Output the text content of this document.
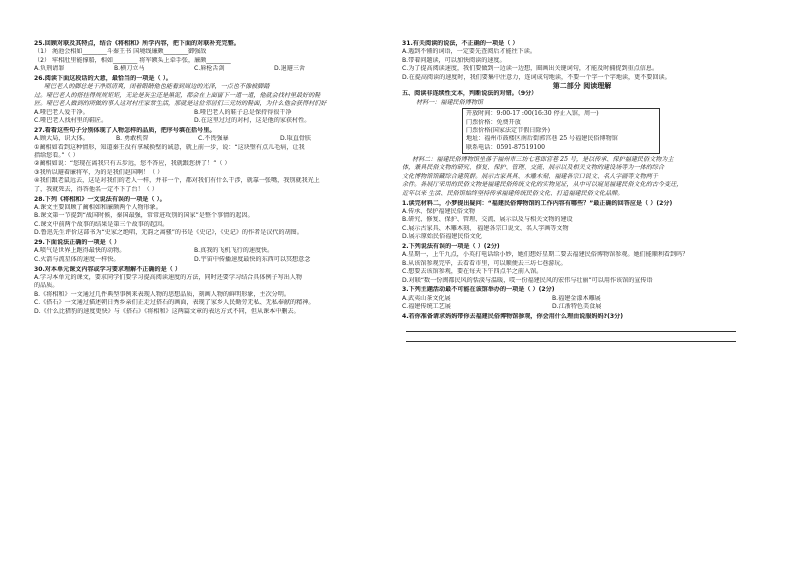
25.回顾对联及其特点，结合《将相和》所学内容，把下面的对联补充完整。
（1） 渑池会相如________斗秦王书 国境线廉颇________御强敌
（2） 牢相肚里能撑船，相如________ 将军额头上牵手张，廉颇________
A.负荆请罪	B.横刀立马	C.唇枪舌剑	D.退避三舍
26.阅读下面这段话的大意，最恰当的一项是（ ）。
哑巴老人的脚总是干净而清爽，闭着眼睛他也能看到周边的光泽，一点也不像被脚踏
过。哑巴老人的搭挂得规规矩矩，无论是灰尘还是黑泥，都会在上面留下一道一道，他就会找村里最好的鞋
匠。哑巴老人做到的所做的事人这对村庄家常生活，那就是这位邻居们三元坊的鞋面，为什么他会获得村们好
A.哑巴老人爱干净。	B.哑巴老人的鞋子总是保持得很干净
C.哑巴老人找村里的鞋匠。	D.在这里过过的对村，这是他的家获村性。
27.看看这些句子分别体现了人物怎样的品质，把序号填在括号里。
A.顾大局，识大体。	B. 勇敢机智	C.不畏强暴	D.取直骨肤
①蔺相如看到这种情形，知道秦王没有拿城换壁的诚意，就上前一步，说：“这块璧有点儿毛病，让我
指给您看。”（ ）
②蔺相如说：“您现在离我只有五步远，您不答应，我就跟您拼了！”（ ）
③我所以避着廉将军，为的是我们赵国啊！（ ）
④我们跟老鼠远去，这是对我们的老人一样，并非一个，都对我们有什么干涉，就靠一张嘴，我别就我光上
了，我就死去，得答他名一定不下了台！（ ）
28.下列《将相和》一文说法有误的一项是（ ）。
A.课文主要回顾了蔺相如和廉颇两个人物形象。
B.课文第一节提到“战国时候，秦国最强，常常进攻别的国家”是整个事情的起因。
C.课文中前两个故事的结果是第三个故事的起因。
D.鲁迅先生评价这部书为“史家之绝唱，无韵之离骚”的书是《史记》，《史记》的作者是汉代的胡图。
29.下面说法正确的一项是（ ）
A.喷气是世界上跑得最快的动物。	B.真我的飞机飞行的速度快。
C.火箭与流星体的速度一样快。	D.宇宙中传播速度最快的东西可以冥想意念
30.对本单元课文内容或学习要求理解不正确的是（ ）
A.学习本单元的课文，要求同学们要学习提高阅读速度的方法，同时还要学习结合具体例子写出人物
的品质。
B.《将相和》一文通过几件典型事例来表现人物的思想品质，刻画人物的鲜明形象，主次分明。
C.《搭石》一文通过描述朝日秀乡亲们正走过搭石的画面，表现了家乡人民勤劳无私、无私奉献的精神。
D.《什么比猎豹的速度更快》与《搭石》《将相和》这两篇文章的表达方式不同，但从课本中删去。
31.有关阅读的说法，不正确的一项是（ ）
A.遇到不懂的词语，一定要先查阅后才能往下读。
B.带着问题读，可以加快阅读的速度。
C.为了提高阅读速度，我们要做到一边读一边想，圈画出关键词句，才能及时捕捉到重点信息。
D.在提高阅读的速度时，我们要集中注意力，连词成句地读，不要一个字一个字地读，更不要回读。
第二部分 阅读理解
五、阅读非连续性文本，判断说法的对错。（9分）
材料一：福建民俗博物馆
开放时间：9:00-17 :00(16:30 停止入馆，周一)
门票价格：免费开放
门票价格(国家法定节假日除外)
地址：福州市鼓楼区南后街郭宫巷 25 号福建民俗博物馆
联系电话：0591-87519100
材料二：福建民俗博物馆坐落于福州市三坊七巷郎官巷 25 号，是以传承、保护福建民俗文物为主
体，兼具民俗文物的研究、修复、保护、管理、交流、展示以及相关文物的建设场等为一体的综合
文化博物馆馆藏综合建筑群。展示古家具具、木雕木刻、福建各宗口说文、名人字画等文物两千
余件。各展厅采用的民俗文物是福建民俗传统文化的实物见证，从中可以窥见福建民俗文化的古今变迁，
近年以来 生活、民俗馆始终坚持传承福建传统民俗文化、打造福建民俗文化品牌。
1.读完材料二，小梦提出疑问：“福建民俗博物馆的工作内容有哪些？”最正确的回答应是（ ）(2分)
A.传承、保护福建民俗文物
B.研究、修复、保护、管理、交流、展示以及与相关文物的建设
C.展示古家具、木雕木刻、 福建各宗口说文、名人字画等文物
D.展示原始民俗福建民俗文化
2.下列说法有误的一项是（ ）(2分)
A.星期一，上午九点，小英打电话给小妙，她们想好星期二要去福建民俗博物馆参观。她们能顺利看到吗？
B.从该馆参观完毕，去看看市里，可以顺便去三坊七巷游玩。
C.想要去该馆参观，要在每天下午四点半之前入馆。
D.对联“数一份闽都民风的恬淡与温暖，哎一份福建民风的宏伟与壮丽”可以用作该馆的宣传语
3.下列主题活动最不可能在该馆举办的一项是（ ）(2分)
A.武夷山茶文化展	B.福建金漆木雕展
C.福建传统工艺展	D.江浙特色美食展
4.若你准备请求妈妈带你去福建民俗博物馆参观，你会用什么理由说服妈妈?(3分)
